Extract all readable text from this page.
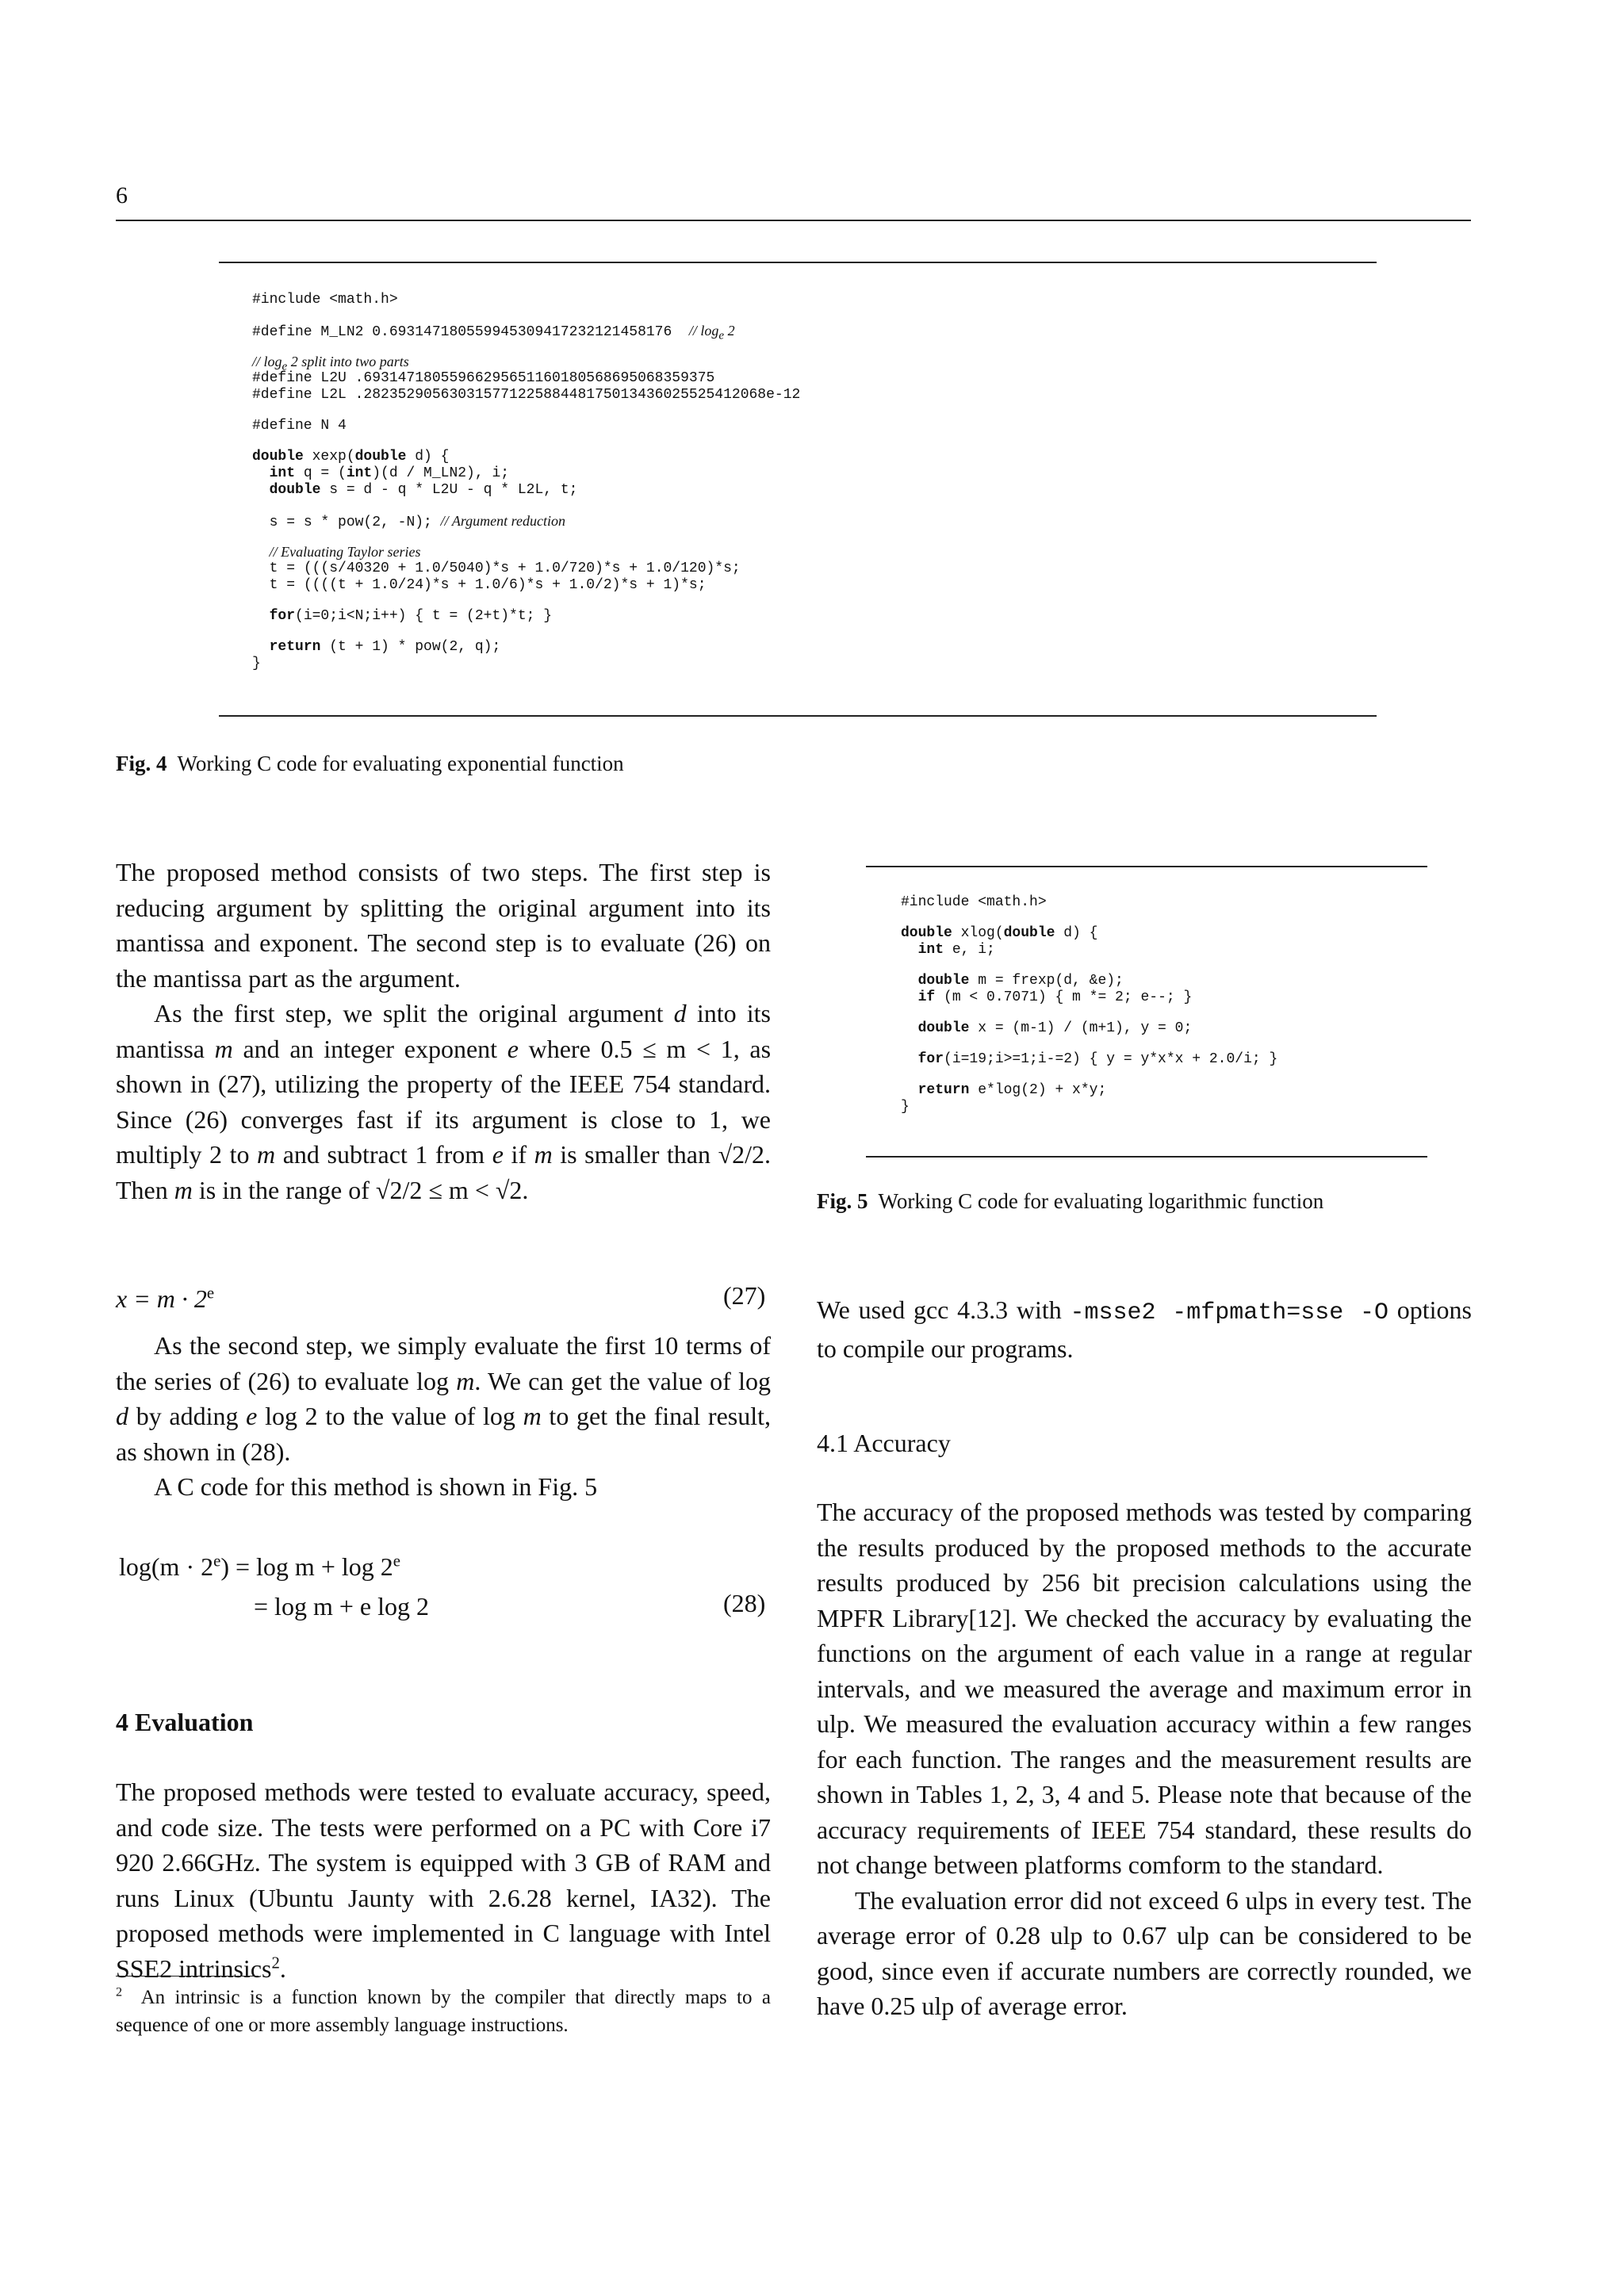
6
#include <math.h>
#define M_LN2 $0.693147180559945309417232121458176 // \log_e 2$
// $\log_e 2$ split into two parts
#define L2U .69314718055966295651160180568695068359375
#define L2L .28235290563031577122588448175013436025525412068e-12
#define N 4
double xexp(double d) {
int q = (int)(d / M_LN2), i;
double s = d - q * L2U - q * L2L, t;
s = s * pow(2, -N); // Argument reduction
// Evaluating Taylor series
t = (((s/40320 + 1.0/5040)*s + 1.0/720)*s + 1.0/120)*s;
t = ((((t + 1.0/24)*s + 1.0/6)*s + 1.0/2)*s + 1)*s;
for(i=0;i<N;i++) { t = (2+t)*t; }
return (t + 1) * pow(2, q);
}
Fig. 4 Working C code for evaluating exponential function

The proposed method consists of two steps. The first step is reducing argument by splitting the original argument into its mantissa and exponent. The second step is to evaluate (26) on the mantissa part as the argument.

As the first step, we split the original argument d into its mantissa m and an integer exponent e where 0.5 ≤ m < 1, as shown in (27), utilizing the property of the IEEE 754 standard. Since (26) converges fast if its argument is close to 1, we multiply 2 to m and subtract 1 from e if m is smaller than √2/2. Then m is in the range of √2/2 ≤ m < √2.

$x = m \cdot 2^e$	(27)

As the second step, we simply evaluate the first 10 terms of the series of (26) to evaluate log m. We can get the value of log d by adding e log 2 to the value of log m to get the final result, as shown in (28).

A C code for this method is shown in Fig. 5

$\log(m \cdot 2^e) = \log m + \log 2^e$
= log m + e log 2	(28)
4 Evaluation

The proposed methods were tested to evaluate accuracy, speed, and code size. The tests were performed on a PC with Core i7 920 2.66GHz. The system is equipped with 3 GB of RAM and runs Linux (Ubuntu Jaunty with 2.6.28 kernel, IA32). The proposed methods were implemented in C language with Intel SSE2 intrinsics$^2$.

$^2$ An intrinsic is a function known by the compiler that directly maps to a sequence of one or more assembly language instructions.
#include <math.h>
double xlog(double d) {
int e, i;
double m = frexp(d, &e);
if (m < 0.7071) { m *= 2; e--; }
double x = (m-1) / (m+1), y = 0;
for(i=19;i>=1;i-=2) { y = y*x*x + 2.0/i; }
return e*log(2) + x*y;
}
Fig. 5 Working C code for evaluating logarithmic function

We used gcc 4.3.3 with -msse2 -mfpmath=sse -O options to compile our programs.

4.1 Accuracy

The accuracy of the proposed methods was tested by comparing the results produced by the proposed methods to the accurate results produced by 256 bit precision calculations using the MPFR Library[12]. We checked the accuracy by evaluating the functions on the argument of each value in a range at regular intervals, and we measured the average and maximum error in ulp. We measured the evaluation accuracy within a few ranges for each function. The ranges and the measurement results are shown in Tables 1, 2, 3, 4 and 5. Please note that because of the accuracy requirements of IEEE 754 standard, these results do not change between platforms comform to the standard.

The evaluation error did not exceed 6 ulps in every test. The average error of 0.28 ulp to 0.67 ulp can be considered to be good, since even if accurate numbers are correctly rounded, we have 0.25 ulp of average error.
